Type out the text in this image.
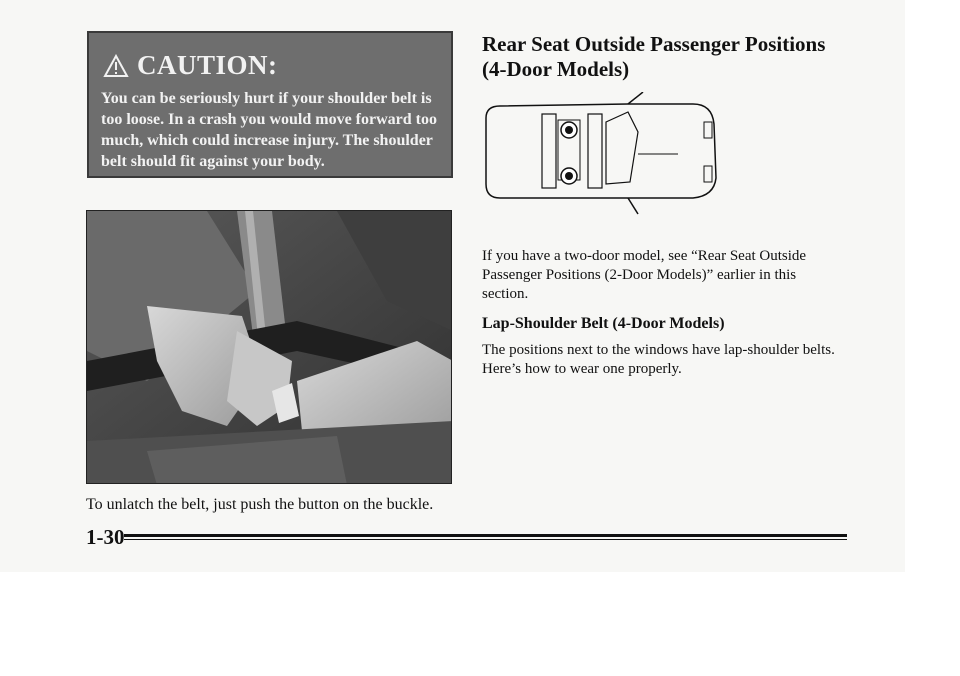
CAUTION:
You can be seriously hurt if your shoulder belt is too loose. In a crash you would move forward too much, which could increase injury. The shoulder belt should fit against your body.
To unlatch the belt, just push the button on the buckle.
Rear Seat Outside Passenger Positions (4-Door Models)
If you have a two-door model, see “Rear Seat Outside Passenger Positions (2-Door Models)” earlier in this section.
Lap-Shoulder Belt (4-Door Models)
The positions next to the windows have lap-shoulder belts. Here’s how to wear one properly.
1-30
